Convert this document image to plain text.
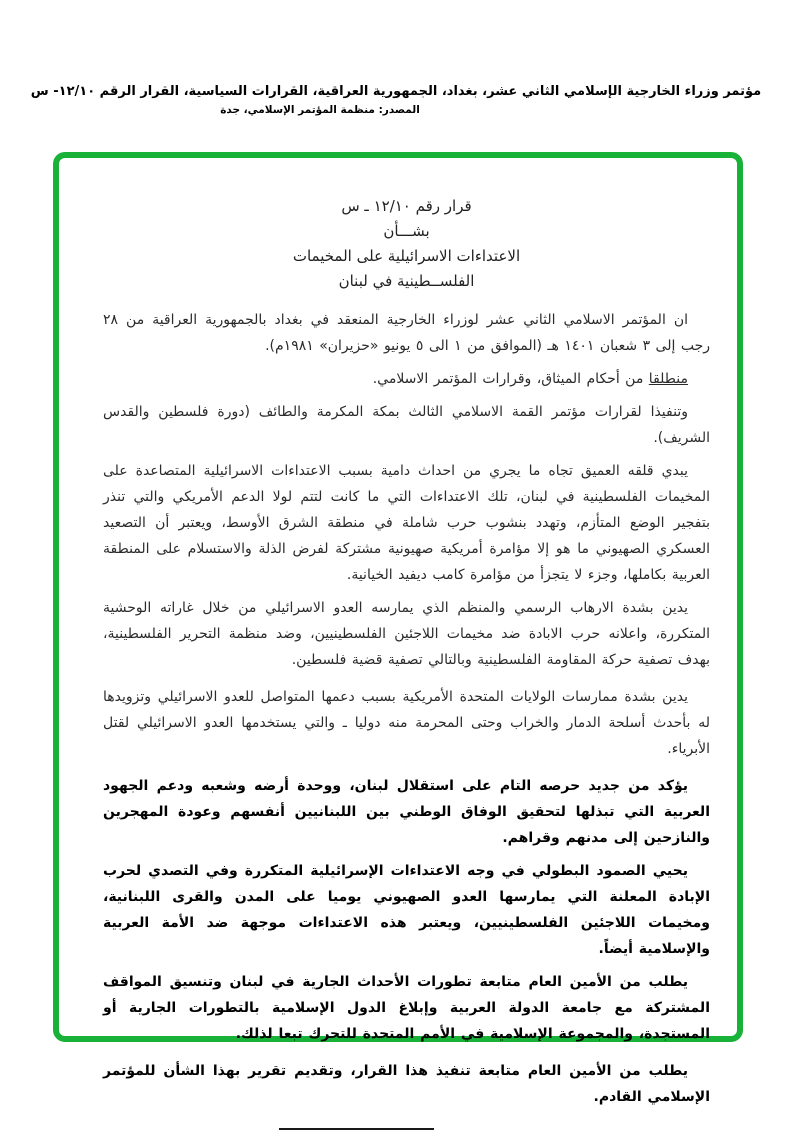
مؤتمر وزراء الخارجية الإسلامي الثاني عشر، بغداد، الجمهورية العراقية، القرارات السياسية، القرار الرقم ١٢/١٠- س
المصدر: منظمة المؤتمر الإسلامي، جدة
قرار رقم ١٢/١٠ ـ س
بشـــأن
الاعتداءات الاسرائيلية على المخيمات
الفلســطينية في لبنان

ان المؤتمر الاسلامي الثاني عشر لوزراء الخارجية المنعقد في بغداد بالجمهورية العراقية من ٢٨ رجب إلى ٣ شعبان ١٤٠١ هـ (الموافق من ١ الى ٥ يونيو «حزيران» ١٩٨١م).

منطلقا من أحكام الميثاق، وقرارات المؤتمر الاسلامي.

وتنفيذا لقرارات مؤتمر القمة الاسلامي الثالث بمكة المكرمة والطائف (دورة فلسطين والقدس الشريف).

يبدي قلقه العميق تجاه ما يجري من احداث دامية بسبب الاعتداءات الاسرائيلية المتصاعدة على المخيمات الفلسطينية في لبنان، تلك الاعتداءات التي ما كانت لتتم لولا الدعم الأمريكي والتي تنذر بتفجير الوضع المتأزم، وتهدد بنشوب حرب شاملة في منطقة الشرق الأوسط، ويعتبر أن التصعيد العسكري الصهيوني ما هو إلا مؤامرة أمريكية صهيونية مشتركة لفرض الذلة والاستسلام على المنطقة العربية بكاملها، وجزء لا يتجزأ من مؤامرة كامب ديفيد الخيانية.

يدين بشدة الارهاب الرسمي والمنظم الذي يمارسه العدو الاسرائيلي من خلال غاراته الوحشية المتكررة، واعلانه حرب الابادة ضد مخيمات اللاجئين الفلسطينيين، وضد منظمة التحرير الفلسطينية، بهدف تصفية حركة المقاومة الفلسطينية وبالتالي تصفية قضية فلسطين.

يدين بشدة ممارسات الولايات المتحدة الأمريكية بسبب دعمها المتواصل للعدو الاسرائيلي وتزويدها له بأحدث أسلحة الدمار والخراب وحتى المحرمة منه دوليا ـ والتي يستخدمها العدو الاسرائيلي لقتل الأبرياء.

يؤكد من جديد حرصه التام على استقلال لبنان، ووحدة أرضه وشعبه ودعم الجهود العربية التي تبذلها لتحقيق الوفاق الوطني بين اللبنانيين أنفسهم وعودة المهجرين والنازحين إلى مدنهم وقراهم.

يحيي الصمود البطولي في وجه الاعتداءات الإسرائيلية المتكررة وفي التصدي لحرب الإبادة المعلنة التي يمارسها العدو الصهيوني يوميا على المدن والقرى اللبنانية، ومخيمات اللاجئين الفلسطينيين، ويعتبر هذه الاعتداءات موجهة ضد الأمة العربية والإسلامية أيضاً.

يطلب من الأمين العام متابعة تطورات الأحداث الجارية في لبنان وتنسيق المواقف المشتركة مع جامعة الدولة العربية وإبلاغ الدول الإسلامية بالتطورات الجارية أو المستجدة، والمجموعة الإسلامية في الأمم المتحدة للتحرك تبعا لذلك.

يطلب من الأمين العام متابعة تنفيذ هذا القرار، وتقديم تقرير بهذا الشأن للمؤتمر الإسلامي القادم.
